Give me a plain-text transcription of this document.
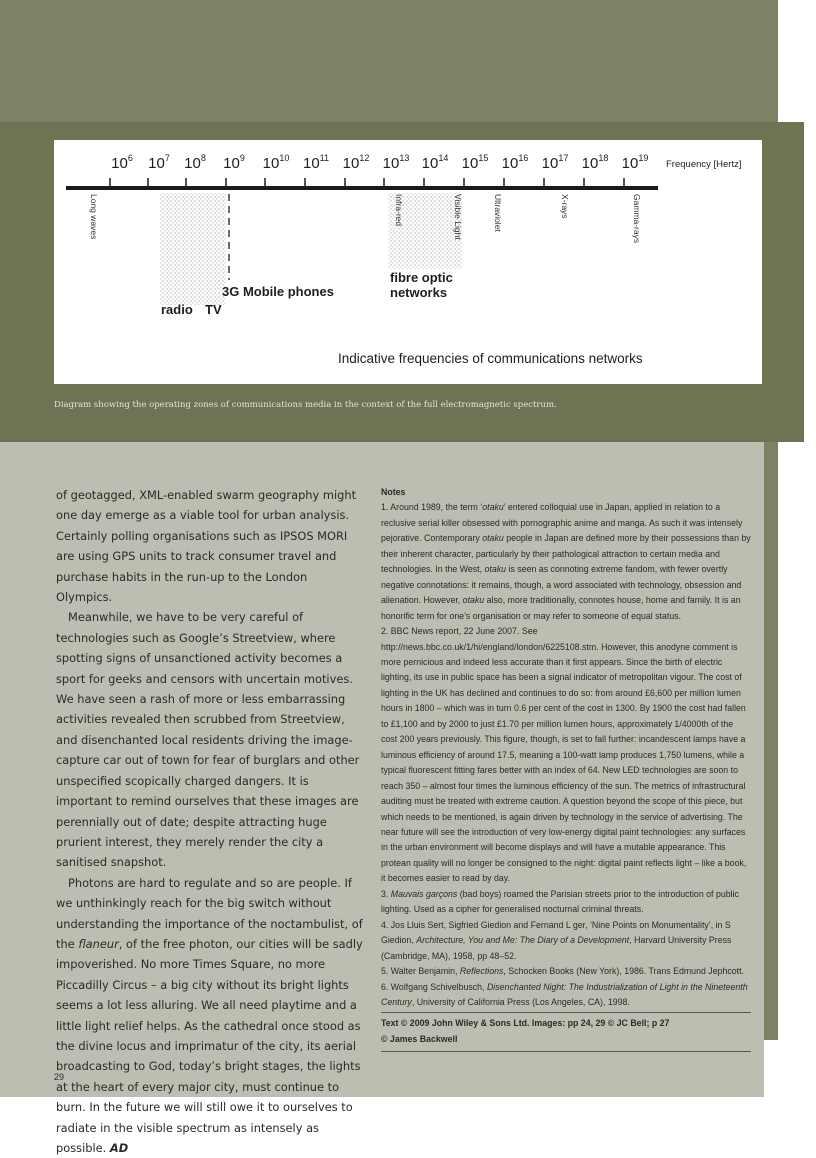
$10^6$ $10^7$ $10^8$ $10^9$ $10^{10}$ $10^{11}$ $10^{12}$ $10^{13}$ $10^{14}$ $10^{15}$ $10^{16}$ $10^{17}$ $10^{18}$ $10^{19}$
Frequency [Hertz]
Long waves	Infra-red	Visible Light	Ultraviolet	X-rays	Gamma-rays
3G Mobile phones
radio TV
fibre optic
networks
Indicative frequencies of communications networks
Diagram showing the operating zones of communications media in the context of the full electromagnetic spectrum.

of geotagged, XML-enabled swarm geography might one day emerge as a viable tool for urban analysis. Certainly polling organisations such as IPSOS MORI are using GPS units to track consumer travel and purchase habits in the run-up to the London Olympics.

Meanwhile, we have to be very careful of technologies such as Google’s Streetview, where spotting signs of unsanctioned activity becomes a sport for geeks and censors with uncertain motives. We have seen a rash of more or less embarrassing activities revealed then scrubbed from Streetview, and disenchanted local residents driving the image-capture car out of town for fear of burglars and other unspecified scopically charged dangers. It is important to remind ourselves that these images are perennially out of date; despite attracting huge prurient interest, they merely render the city a sanitised snapshot.

Photons are hard to regulate and so are people. If we unthinkingly reach for the big switch without understanding the importance of the noctambulist, of the flaneur, of the free photon, our cities will be sadly impoverished. No more Times Square, no more Piccadilly Circus – a big city without its bright lights seems a lot less alluring. We all need playtime and a little light relief helps. As the cathedral once stood as the divine locus and imprimatur of the city, its aerial broadcasting to God, today’s bright stages, the lights at the heart of every major city, must continue to burn. In the future we will still owe it to ourselves to radiate in the visible spectrum as intensely as possible. AD

Notes

1. Around 1989, the term ‘otaku’ entered colloquial use in Japan, applied in relation to a reclusive serial killer obsessed with pornographic anime and manga. As such it was intensely pejorative. Contemporary otaku people in Japan are defined more by their possessions than by their inherent character, particularly by their pathological attraction to certain media and technologies. In the West, otaku is seen as connoting extreme fandom, with fewer overtly negative connotations: it remains, though, a word associated with technology, obsession and alienation. However, otaku also, more traditionally, connotes house, home and family. It is an honorific term for one’s organisation or may refer to someone of equal status.

2. BBC News report, 22 June 2007. See http://news.bbc.co.uk/1/hi/england/london/6225108.stm. However, this anodyne comment is more pernicious and indeed less accurate than it first appears. Since the birth of electric lighting, its use in public space has been a signal indicator of metropolitan vigour. The cost of lighting in the UK has declined and continues to do so: from around £6,600 per million lumen hours in 1800 – which was in turn 0.6 per cent of the cost in 1300. By 1900 the cost had fallen to £1,100 and by 2000 to just £1.70 per million lumen hours, approximately 1/4000th of the cost 200 years previously. This figure, though, is set to fall further: incandescent lamps have a luminous efficiency of around 17.5, meaning a 100-watt lamp produces 1,750 lumens, while a typical fluorescent fitting fares better with an index of 64. New LED technologies are soon to reach 350 – almost four times the luminous efficiency of the sun. The metrics of infrastructural auditing must be treated with extreme caution. A question beyond the scope of this piece, but which needs to be mentioned, is again driven by technology in the service of advertising. The near future will see the introduction of very low-energy digital paint technologies: any surfaces in the urban environment will become displays and will have a mutable appearance. This protean quality will no longer be consigned to the night: digital paint reflects light – like a book, it becomes easier to read by day.

3. Mauvais garçons (bad boys) roamed the Parisian streets prior to the introduction of public lighting. Used as a cipher for generalised nocturnal criminal threats.

4. Jos Lluis Sert, Sigfried Giedion and Fernand L ger, ‘Nine Points on Monumentality’, in S Giedion, Architecture, You and Me: The Diary of a Development, Harvard University Press (Cambridge, MA), 1958, pp 48–52.

5. Walter Benjamin, Reflections, Schocken Books (New York), 1986. Trans Edmund Jephcott.

6. Wolfgang Schivelbusch, Disenchanted Night: The Industrialization of Light in the Nineteenth Century, University of California Press (Los Angeles, CA), 1998.

Text © 2009 John Wiley & Sons Ltd. Images: pp 24, 29 © JC Bell; p 27
© James Backwell
29
